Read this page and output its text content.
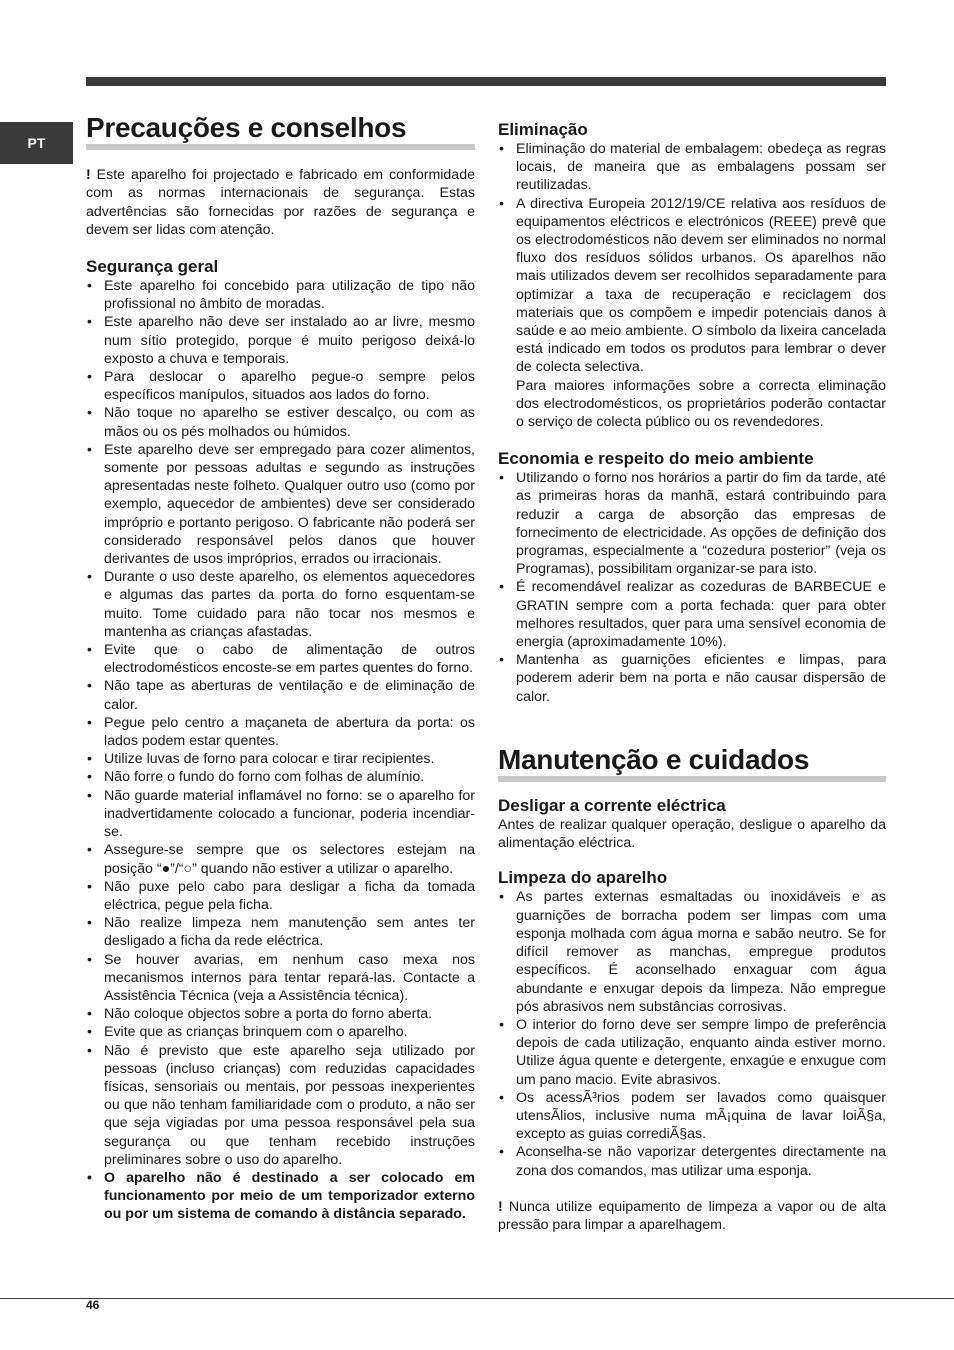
PT	Precauções e conselhos

! Este aparelho foi projectado e fabricado em conformidade com as normas internacionais de segurança. Estas advertências são fornecidas por razões de segurança e devem ser lidas com atenção.

Segurança geral
• Este aparelho foi concebido para utilização de tipo não profissional no âmbito de moradas.
• Este aparelho não deve ser instalado ao ar livre, mesmo num sítio protegido, porque é muito perigoso deixá-lo exposto a chuva e temporais.
• Para deslocar o aparelho pegue-o sempre pelos específicos manípulos, situados aos lados do forno.
• Não toque no aparelho se estiver descalço, ou com as mãos ou os pés molhados ou húmidos.
• Este aparelho deve ser empregado para cozer alimentos, somente por pessoas adultas e segundo as instruções apresentadas neste folheto. Qualquer outro uso (como por exemplo, aquecedor de ambientes) deve ser considerado impróprio e portanto perigoso. O fabricante não poderá ser considerado responsável pelos danos que houver derivantes de usos impróprios, errados ou irracionais.
• Durante o uso deste aparelho, os elementos aquecedores e algumas das partes da porta do forno esquentam-se muito. Tome cuidado para não tocar nos mesmos e mantenha as crianças afastadas.
• Evite que o cabo de alimentação de outros electrodomésticos encoste-se em partes quentes do forno.
• Não tape as aberturas de ventilação e de eliminação de calor.
• Pegue pelo centro a maçaneta de abertura da porta: os lados podem estar quentes.
• Utilize luvas de forno para colocar e tirar recipientes.
• Não forre o fundo do forno com folhas de alumínio.
• Não guarde material inflamável no forno: se o aparelho for inadvertidamente colocado a funcionar, poderia incendiar-se.
• Assegure-se sempre que os selectores estejam na posição “●”/“○” quando não estiver a utilizar o aparelho.
• Não puxe pelo cabo para desligar a ficha da tomada eléctrica, pegue pela ficha.
• Não realize limpeza nem manutenção sem antes ter desligado a ficha da rede eléctrica.
• Se houver avarias, em nenhum caso mexa nos mecanismos internos para tentar repará-las. Contacte a Assistência Técnica (veja a Assistência técnica).
• Não coloque objectos sobre a porta do forno aberta.
• Evite que as crianças brinquem com o aparelho.
• Não é previsto que este aparelho seja utilizado por pessoas (incluso crianças) com reduzidas capacidades físicas, sensoriais ou mentais, por pessoas inexperientes ou que não tenham familiaridade com o produto, a não ser que seja vigiadas por uma pessoa responsável pela sua segurança ou que tenham recebido instruções preliminares sobre o uso do aparelho.
• O aparelho não é destinado a ser colocado em funcionamento por meio de um temporizador externo ou por um sistema de comando à distância separado.
Eliminação
• Eliminação do material de embalagem: obedeça as regras locais, de maneira que as embalagens possam ser reutilizadas.
• A directiva Europeia 2012/19/CE relativa aos resíduos de equipamentos eléctricos e electrónicos (REEE) prevê que os electrodomésticos não devem ser eliminados no normal fluxo dos resíduos sólidos urbanos. Os aparelhos não mais utilizados devem ser recolhidos separadamente para optimizar a taxa de recuperação e reciclagem dos materiais que os compõem e impedir potenciais danos à saúde e ao meio ambiente. O símbolo da lixeira cancelada está indicado em todos os produtos para lembrar o dever de colecta selectiva.
Para maiores informações sobre a correcta eliminação dos electrodomésticos, os proprietários poderão contactar o serviço de colecta público ou os revendedores.
Economia e respeito do meio ambiente
• Utilizando o forno nos horários a partir do fim da tarde, até as primeiras horas da manhã, estará contribuindo para reduzir a carga de absorção das empresas de fornecimento de electricidade. As opções de definição dos programas, especialmente a “cozedura posterior” (veja os Programas), possibilitam organizar-se para isto.
• É recomendável realizar as cozeduras de BARBECUE e GRATIN sempre com a porta fechada: quer para obter melhores resultados, quer para uma sensível economia de energia (aproximadamente 10%).
• Mantenha as guarnições eficientes e limpas, para poderem aderir bem na porta e não causar dispersão de calor.
Manutenção e cuidados
Desligar a corrente eléctrica

Antes de realizar qualquer operação, desligue o aparelho da alimentação eléctrica.

Limpeza do aparelho
• As partes externas esmaltadas ou inoxidáveis e as guarnições de borracha podem ser limpas com uma esponja molhada com água morna e sabão neutro. Se for difícil remover as manchas, empregue produtos específicos. É aconselhado enxaguar com água abundante e enxugar depois da limpeza. Não empregue pós abrasivos nem substâncias corrosivas.
• O interior do forno deve ser sempre limpo de preferência depois de cada utilização, enquanto ainda estiver morno. Utilize água quente e detergente, enxagúe e enxugue com um pano macio. Evite abrasivos.
• Os acessÃ³rios podem ser lavados como quaisquer utensÃlios, inclusive numa mÃ¡quina de lavar loiÃ§a, excepto as guias corrediÃ§as.
• Aconselha-se não vaporizar detergentes directamente na zona dos comandos, mas utilizar uma esponja.

! Nunca utilize equipamento de limpeza a vapor ou de alta pressão para limpar a aparelhagem.

46
